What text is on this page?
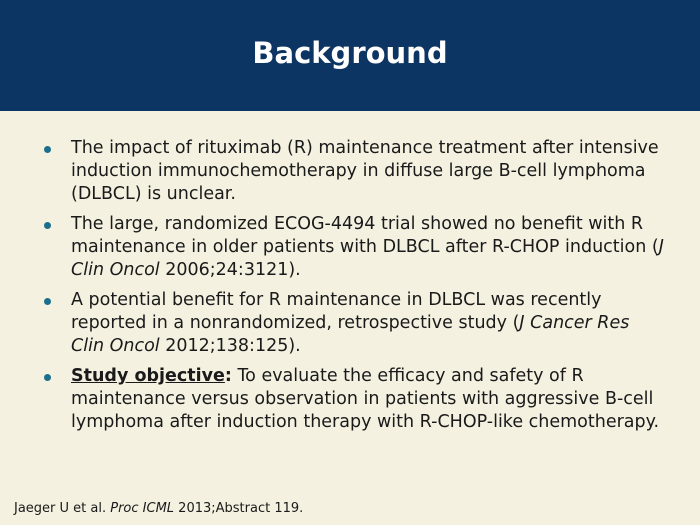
Background
The impact of rituximab (R) maintenance treatment after intensive induction immunochemotherapy in diffuse large B-cell lymphoma (DLBCL) is unclear.
The large, randomized ECOG-4494 trial showed no benefit with R maintenance in older patients with DLBCL after R-CHOP induction (J Clin Oncol 2006;24:3121).
A potential benefit for R maintenance in DLBCL was recently reported in a nonrandomized, retrospective study (J Cancer Res Clin Oncol 2012;138:125).
Study objective: To evaluate the efficacy and safety of R maintenance versus observation in patients with aggressive B-cell lymphoma after induction therapy with R-CHOP-like chemotherapy.
Jaeger U et al. Proc ICML 2013;Abstract 119.
